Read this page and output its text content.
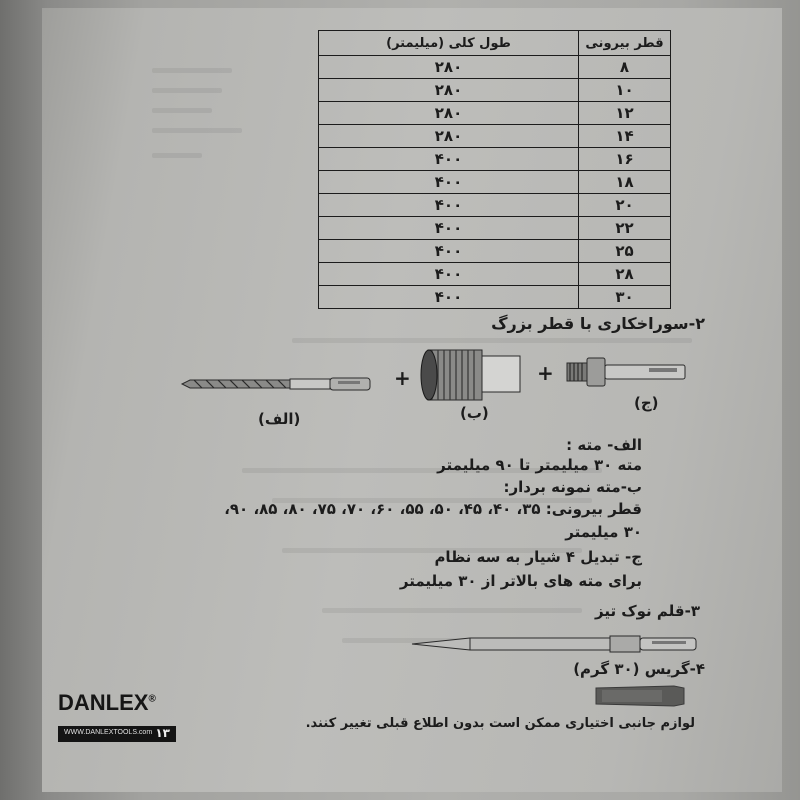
قطر بیرونی	طول کلی (میلیمتر)
۸	۲۸۰
۱۰	۲۸۰
۱۲	۲۸۰
۱۴	۲۸۰
۱۶	۴۰۰
۱۸	۴۰۰
۲۰	۴۰۰
۲۲	۴۰۰
۲۵	۴۰۰
۲۸	۴۰۰
۳۰	۴۰۰
۲-سوراخکاری با قطر بزرگ
(الف)
+
(ب)
+
(ج)
الف- مته :
مته ۳۰ میلیمتر تا ۹۰ میلیمتر
ب-مته نمونه بردار:
قطر بیرونی: ۳۵، ۴۰، ۴۵، ۵۰، ۵۵، ۶۰، ۷۰، ۷۵، ۸۰، ۸۵، ۹۰،
۳۰ میلیمتر
ج- تبدیل ۴ شیار به سه نظام
برای مته های بالاتر از ۳۰ میلیمتر
۳-قلم نوک تیز
۴-گریس (۳۰ گرم)
لوازم جانبی اختیاری ممکن است بدون اطلاع قبلی تغییر کنند.
DANLEX®
WWW.DANLEXTOOLS.com ۱۳
